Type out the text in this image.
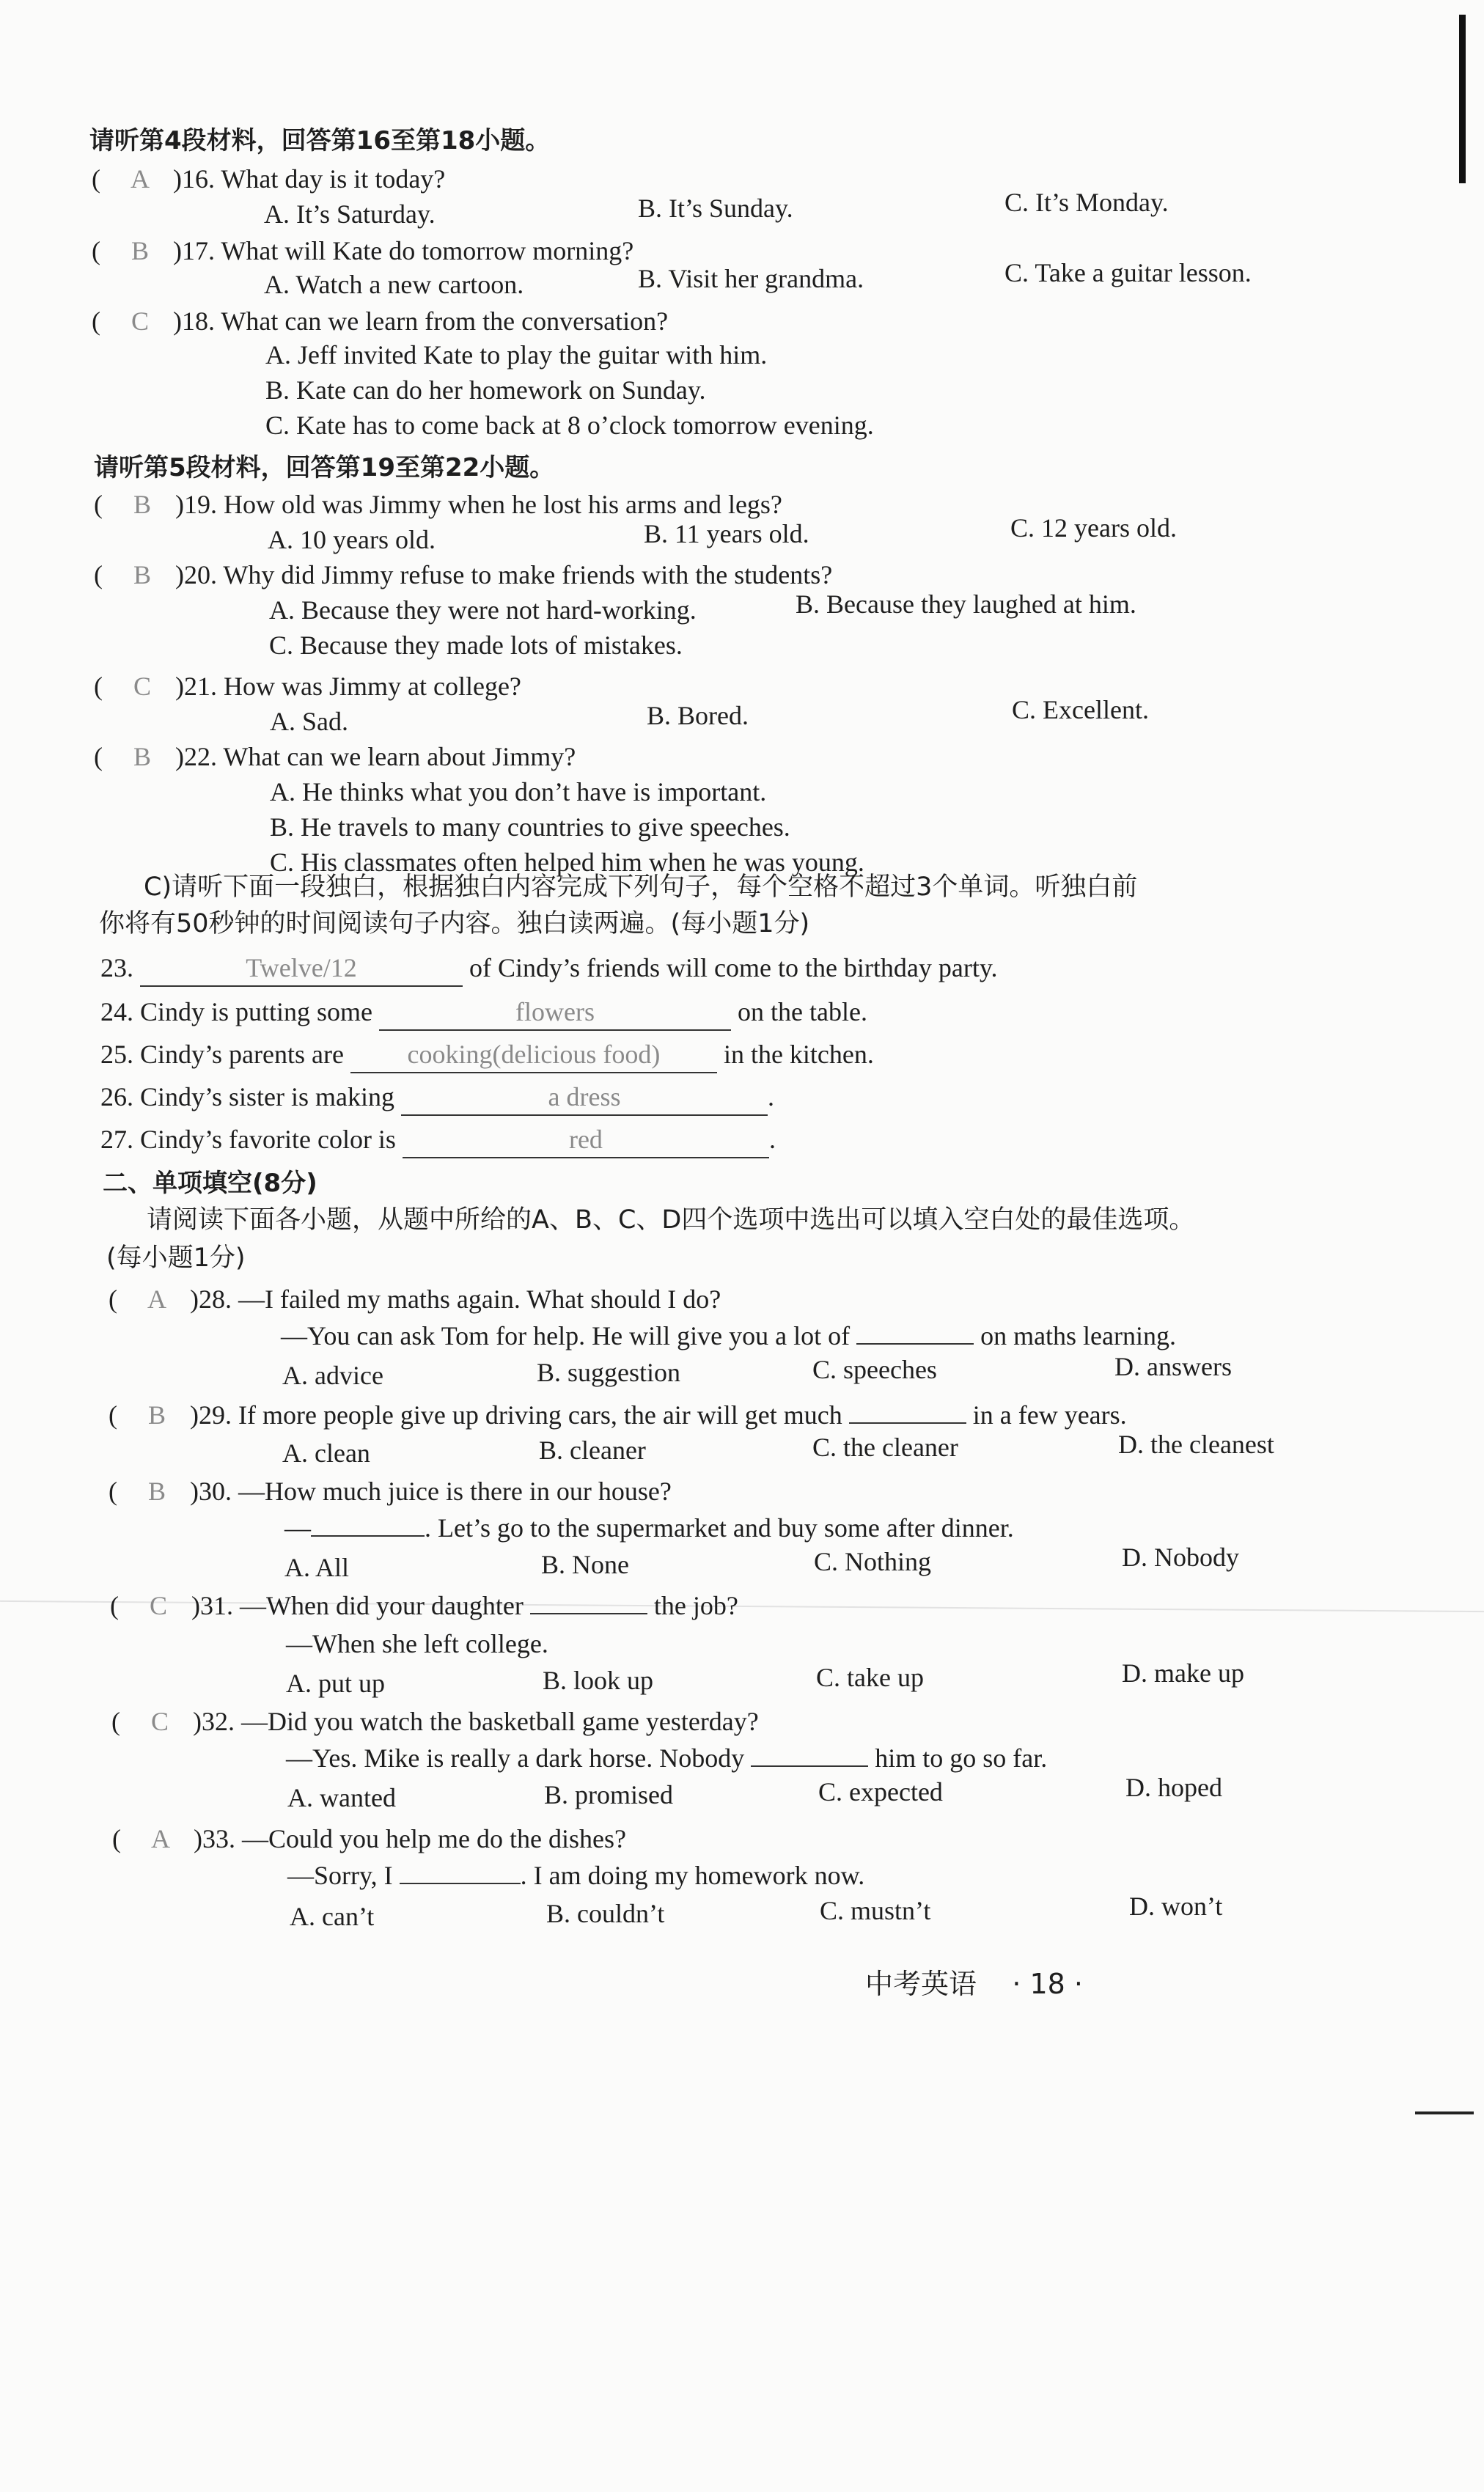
请听第4段材料，回答第16至第18小题。
( A )16. What day is it today?
A. It’s Saturday.	B. It’s Sunday.	C. It’s Monday.
( B )17. What will Kate do tomorrow morning?
A. Watch a new cartoon.	B. Visit her grandma.	C. Take a guitar lesson.
( C )18. What can we learn from the conversation?
A. Jeff invited Kate to play the guitar with him.
B. Kate can do her homework on Sunday.
C. Kate has to come back at 8 o’clock tomorrow evening.
请听第5段材料，回答第19至第22小题。
( B )19. How old was Jimmy when he lost his arms and legs?
A. 10 years old.	B. 11 years old.	C. 12 years old.
( B )20. Why did Jimmy refuse to make friends with the students?
A. Because they were not hard-working.	B. Because they laughed at him.
C. Because they made lots of mistakes.
( C )21. How was Jimmy at college?
A. Sad.	B. Bored.	C. Excellent.
( B )22. What can we learn about Jimmy?
A. He thinks what you don’t have is important.
B. He travels to many countries to give speeches.
C. His classmates often helped him when he was young.
C)请听下面一段独白，根据独白内容完成下列句子，每个空格不超过3个单词。听独白前
你将有50秒钟的时间阅读句子内容。独白读两遍。(每小题1分)
23.	Twelve/12	of Cindy’s friends will come to the birthday party.
24. Cindy is putting some	flowers	on the table.
25. Cindy’s parents are cooking(delicious food) in the kitchen.
26. Cindy’s sister is making	a dress	.
27. Cindy’s favorite color is	red	.
二、单项填空(8分)
请阅读下面各小题，从题中所给的A、B、C、D四个选项中选出可以填入空白处的最佳选项。
(每小题1分)
( A )28. —I failed my maths again. What should I do?
—You can ask Tom for help. He will give you a lot of	on maths learning.
A. advice	B. suggestion	C. speeches	D. answers
( B )29. If more people give up driving cars, the air will get much	in a few years.
A. clean	B. cleaner	C. the cleaner	D. the cleanest
( B )30. —How much juice is there in our house?
—	. Let’s go to the supermarket and buy some after dinner.
A. All	B. None	C. Nothing	D. Nobody
( C )31. —When did your daughter	the job?
—When she left college.
A. put up	B. look up	C. take up	D. make up
( C )32. —Did you watch the basketball game yesterday?
—Yes. Mike is really a dark horse. Nobody	him to go so far.
A. wanted	B. promised	C. expected	D. hoped
( A )33. —Could you help me do the dishes?
—Sorry, I	. I am doing my homework now.
A. can’t	B. couldn’t	C. mustn’t	D. won’t
中考英语 · 18 ·
